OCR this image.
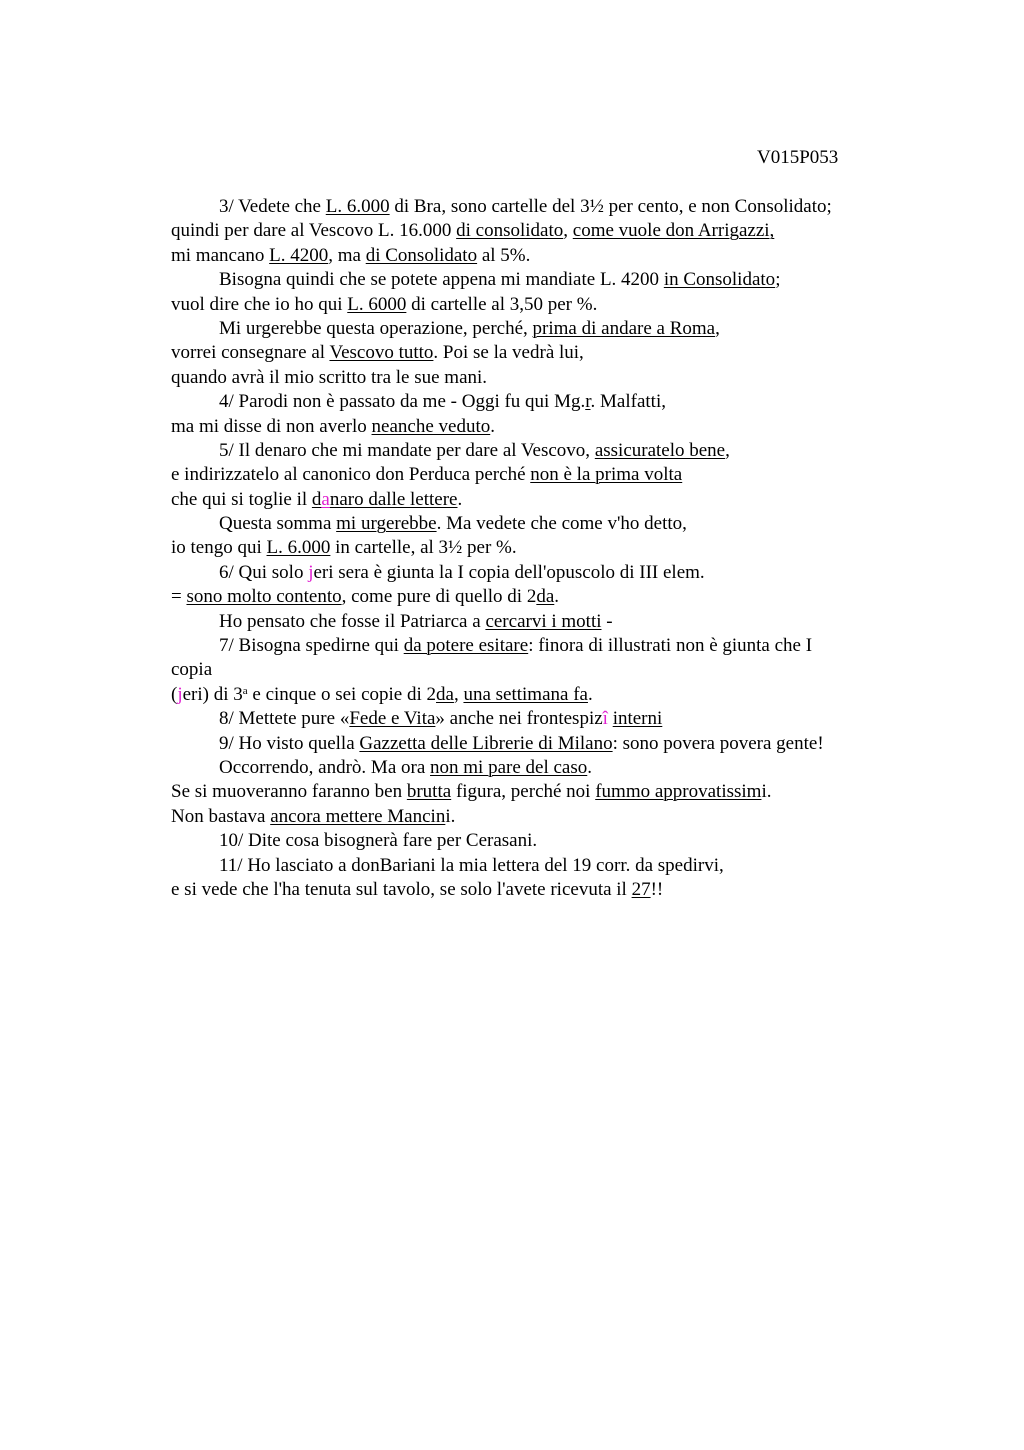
V015P053
3/ Vedete che L. 6.000 di Bra, sono cartelle del 3½ per cento, e non Consolidato;
quindi per dare al Vescovo L. 16.000 di consolidato, come vuole don Arrigazzi,
mi mancano L. 4200, ma di Consolidato al 5%.
Bisogna quindi che se potete appena mi mandiate L. 4200 in Consolidato;
vuol dire che io ho qui L. 6000 di cartelle al 3,50 per %.
Mi urgerebbe questa operazione, perché, prima di andare a Roma,
vorrei consegnare al Vescovo tutto. Poi se la vedrà lui,
quando avrà il mio scritto tra le sue mani.
4/ Parodi non è passato da me - Oggi fu qui Mg.r. Malfatti,
ma mi disse di non averlo neanche veduto.
5/ Il denaro che mi mandate per dare al Vescovo, assicuratelo bene,
e indirizzatelo al canonico don Perduca perché non è la prima volta
che qui si toglie il danaro dalle lettere.
Questa somma mi urgerebbe. Ma vedete che come v'ho detto,
io tengo qui L. 6.000 in cartelle, al 3½ per %.
6/ Qui solo jeri sera è giunta la I copia dell'opuscolo di III elem.
= sono molto contento, come pure di quello di 2da.
Ho pensato che fosse il Patriarca a cercarvi i motti -
7/ Bisogna spedirne qui da potere esitare: finora di illustrati non è giunta che I
copia
(jeri) di 3$^a$ e cinque o sei copie di 2da, una settimana fa.
8/ Mettete pure «Fede e Vita» anche nei frontespizî interni
9/ Ho visto quella Gazzetta delle Librerie di Milano: sono povera povera gente!
Occorrendo, andrò. Ma ora non mi pare del caso.
Se si muoveranno faranno ben brutta figura, perché noi fummo approvatissimi.
Non bastava ancora mettere Mancini.
10/ Dite cosa bisognerà fare per Cerasani.
11/ Ho lasciato a donBariani la mia lettera del 19 corr. da spedirvi,
e si vede che l'ha tenuta sul tavolo, se solo l'avete ricevuta il 27!!
